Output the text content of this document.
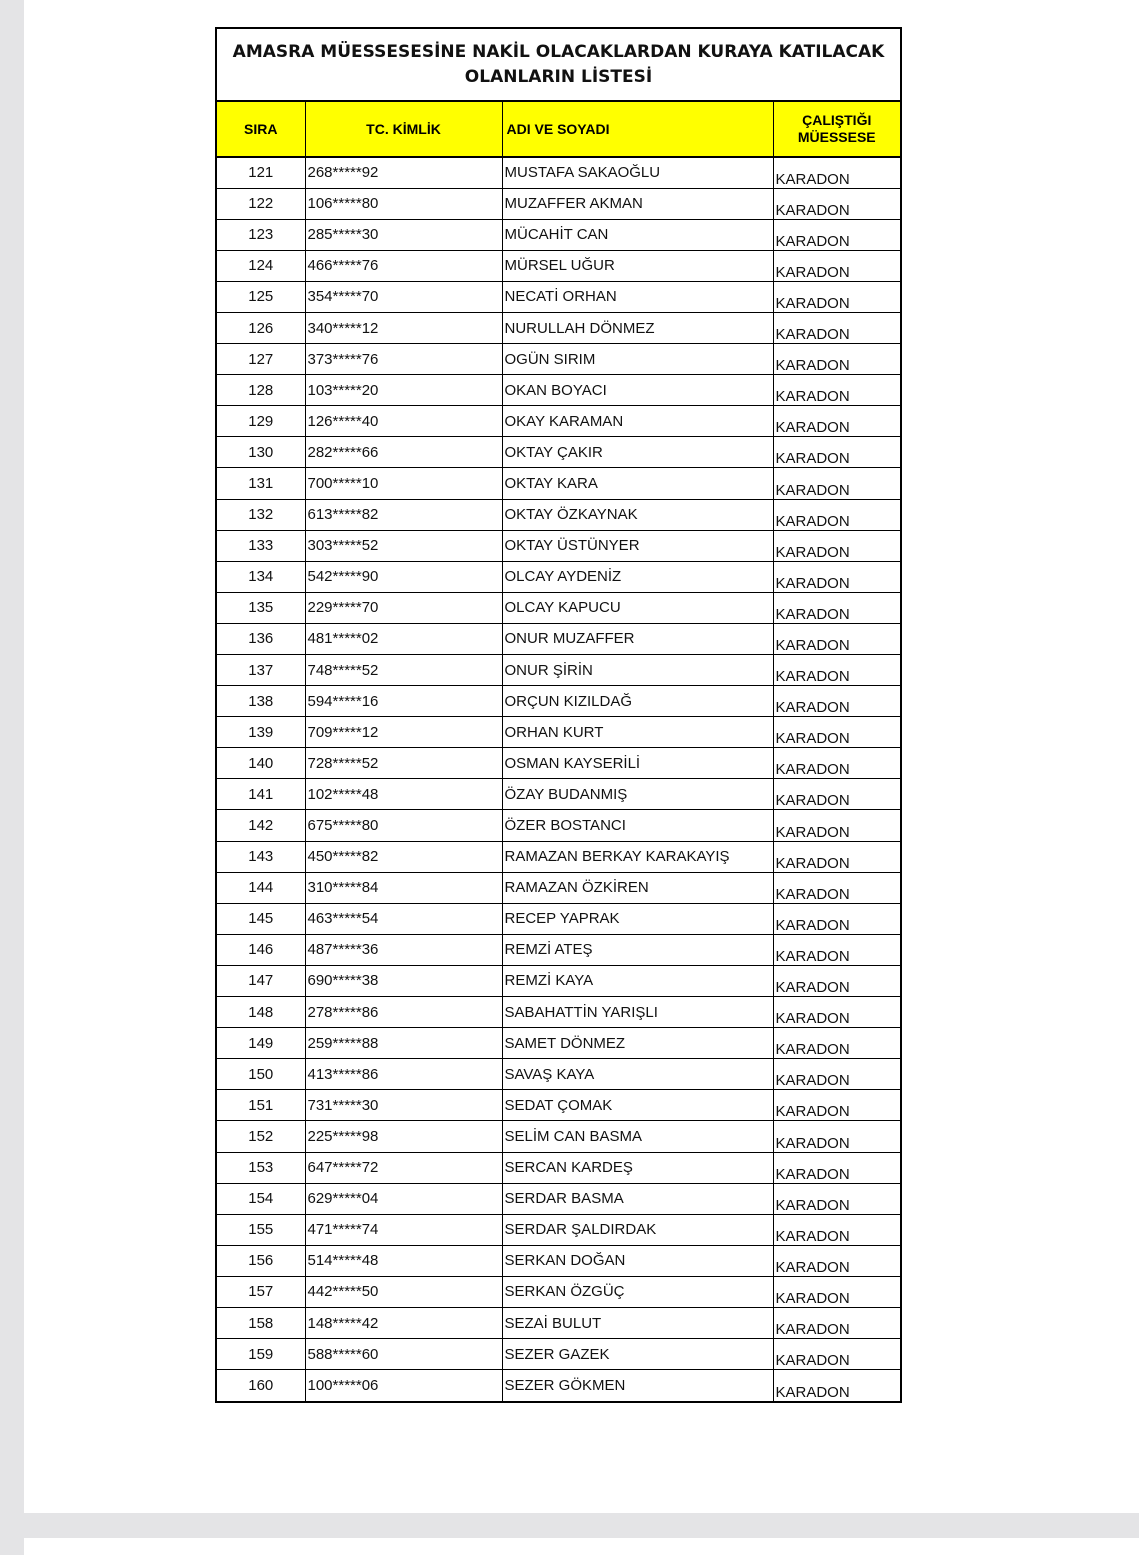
AMASRA MÜESSESESİNE NAKİL OLACAKLARDAN KURAYA KATILACAK
OLANLARIN LİSTESİ
SIRA	TC. KİMLİK	ADI VE SOYADI	ÇALIŞTIĞI
MÜESSESE

121	268*****92	MUSTAFA SAKAOĞLU	KARADON
122	106*****80	MUZAFFER AKMAN	KARADON
123	285*****30	MÜCAHİT CAN	KARADON
124	466*****76	MÜRSEL UĞUR	KARADON
125	354*****70	NECATİ ORHAN	KARADON
126	340*****12	NURULLAH DÖNMEZ	KARADON
127	373*****76	OGÜN SIRIM	KARADON
128	103*****20	OKAN BOYACI	KARADON
129	126*****40	OKAY KARAMAN	KARADON
130	282*****66	OKTAY ÇAKIR	KARADON
131	700*****10	OKTAY KARA	KARADON
132	613*****82	OKTAY ÖZKAYNAK	KARADON
133	303*****52	OKTAY ÜSTÜNYER	KARADON
134	542*****90	OLCAY AYDENİZ	KARADON
135	229*****70	OLCAY KAPUCU	KARADON
136	481*****02	ONUR MUZAFFER	KARADON
137	748*****52	ONUR ŞİRİN	KARADON
138	594*****16	ORÇUN KIZILDAĞ	KARADON
139	709*****12	ORHAN KURT	KARADON
140	728*****52	OSMAN KAYSERİLİ	KARADON
141	102*****48	ÖZAY BUDANMIŞ	KARADON
142	675*****80	ÖZER BOSTANCI	KARADON
143	450*****82	RAMAZAN BERKAY KARAKAYIŞ	KARADON
144	310*****84	RAMAZAN ÖZKİREN	KARADON
145	463*****54	RECEP YAPRAK	KARADON
146	487*****36	REMZİ ATEŞ	KARADON
147	690*****38	REMZİ KAYA	KARADON
148	278*****86	SABAHATTİN YARIŞLI	KARADON
149	259*****88	SAMET DÖNMEZ	KARADON
150	413*****86	SAVAŞ KAYA	KARADON
151	731*****30	SEDAT ÇOMAK	KARADON
152	225*****98	SELİM CAN BASMA	KARADON
153	647*****72	SERCAN KARDEŞ	KARADON
154	629*****04	SERDAR BASMA	KARADON
155	471*****74	SERDAR ŞALDIRDAK	KARADON
156	514*****48	SERKAN DOĞAN	KARADON
157	442*****50	SERKAN ÖZGÜÇ	KARADON
158	148*****42	SEZAİ BULUT	KARADON
159	588*****60	SEZER GAZEK	KARADON
160	100*****06	SEZER GÖKMEN	KARADON
